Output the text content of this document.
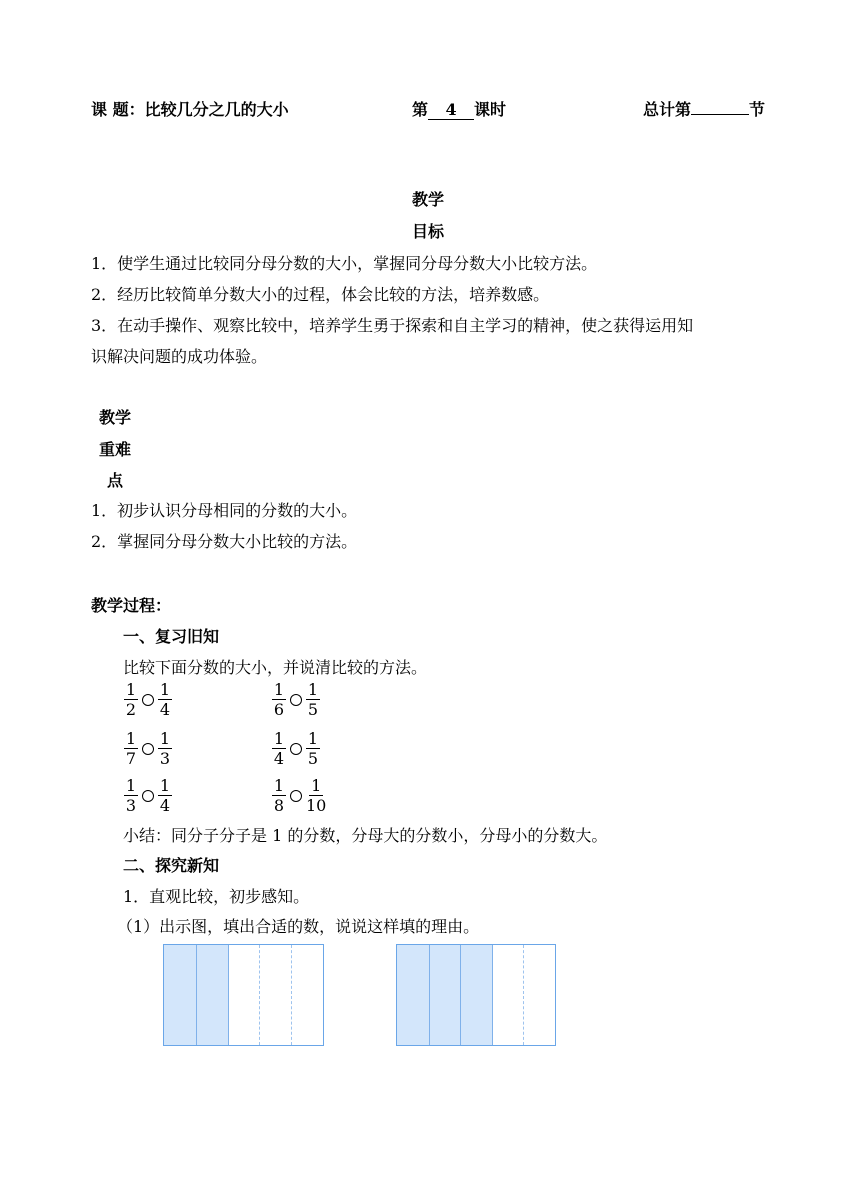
课 题：比较几分之几的大小	第 4 课时	总计第	节
教学
目标
1．使学生通过比较同分母分数的大小，掌握同分母分数大小比较方法。
2．经历比较简单分数大小的过程，体会比较的方法，培养数感。
3．在动手操作、观察比较中，培养学生勇于探索和自主学习的精神，使之获得运用知
识解决问题的成功体验。
教学
重难
点
1．初步认识分母相同的分数的大小。
2．掌握同分母分数大小比较的方法。
教学过程：
一、复习旧知
比较下面分数的大小，并说清比较的方法。
$\frac{1}{2} \frac{1}{4}$	$\frac{1}{6} \frac{1}{5}$
$\frac{1}{7} \frac{1}{3}$	$\frac{1}{4} \frac{1}{5}$
$\frac{1}{3} \frac{1}{4}$	$\frac{1}{8} \frac{1}{10}$
小结：同分子分子是 1 的分数，分母大的分数小，分母小的分数大。
二、探究新知
1．直观比较，初步感知。
（1）出示图，填出合适的数，说说这样填的理由。
